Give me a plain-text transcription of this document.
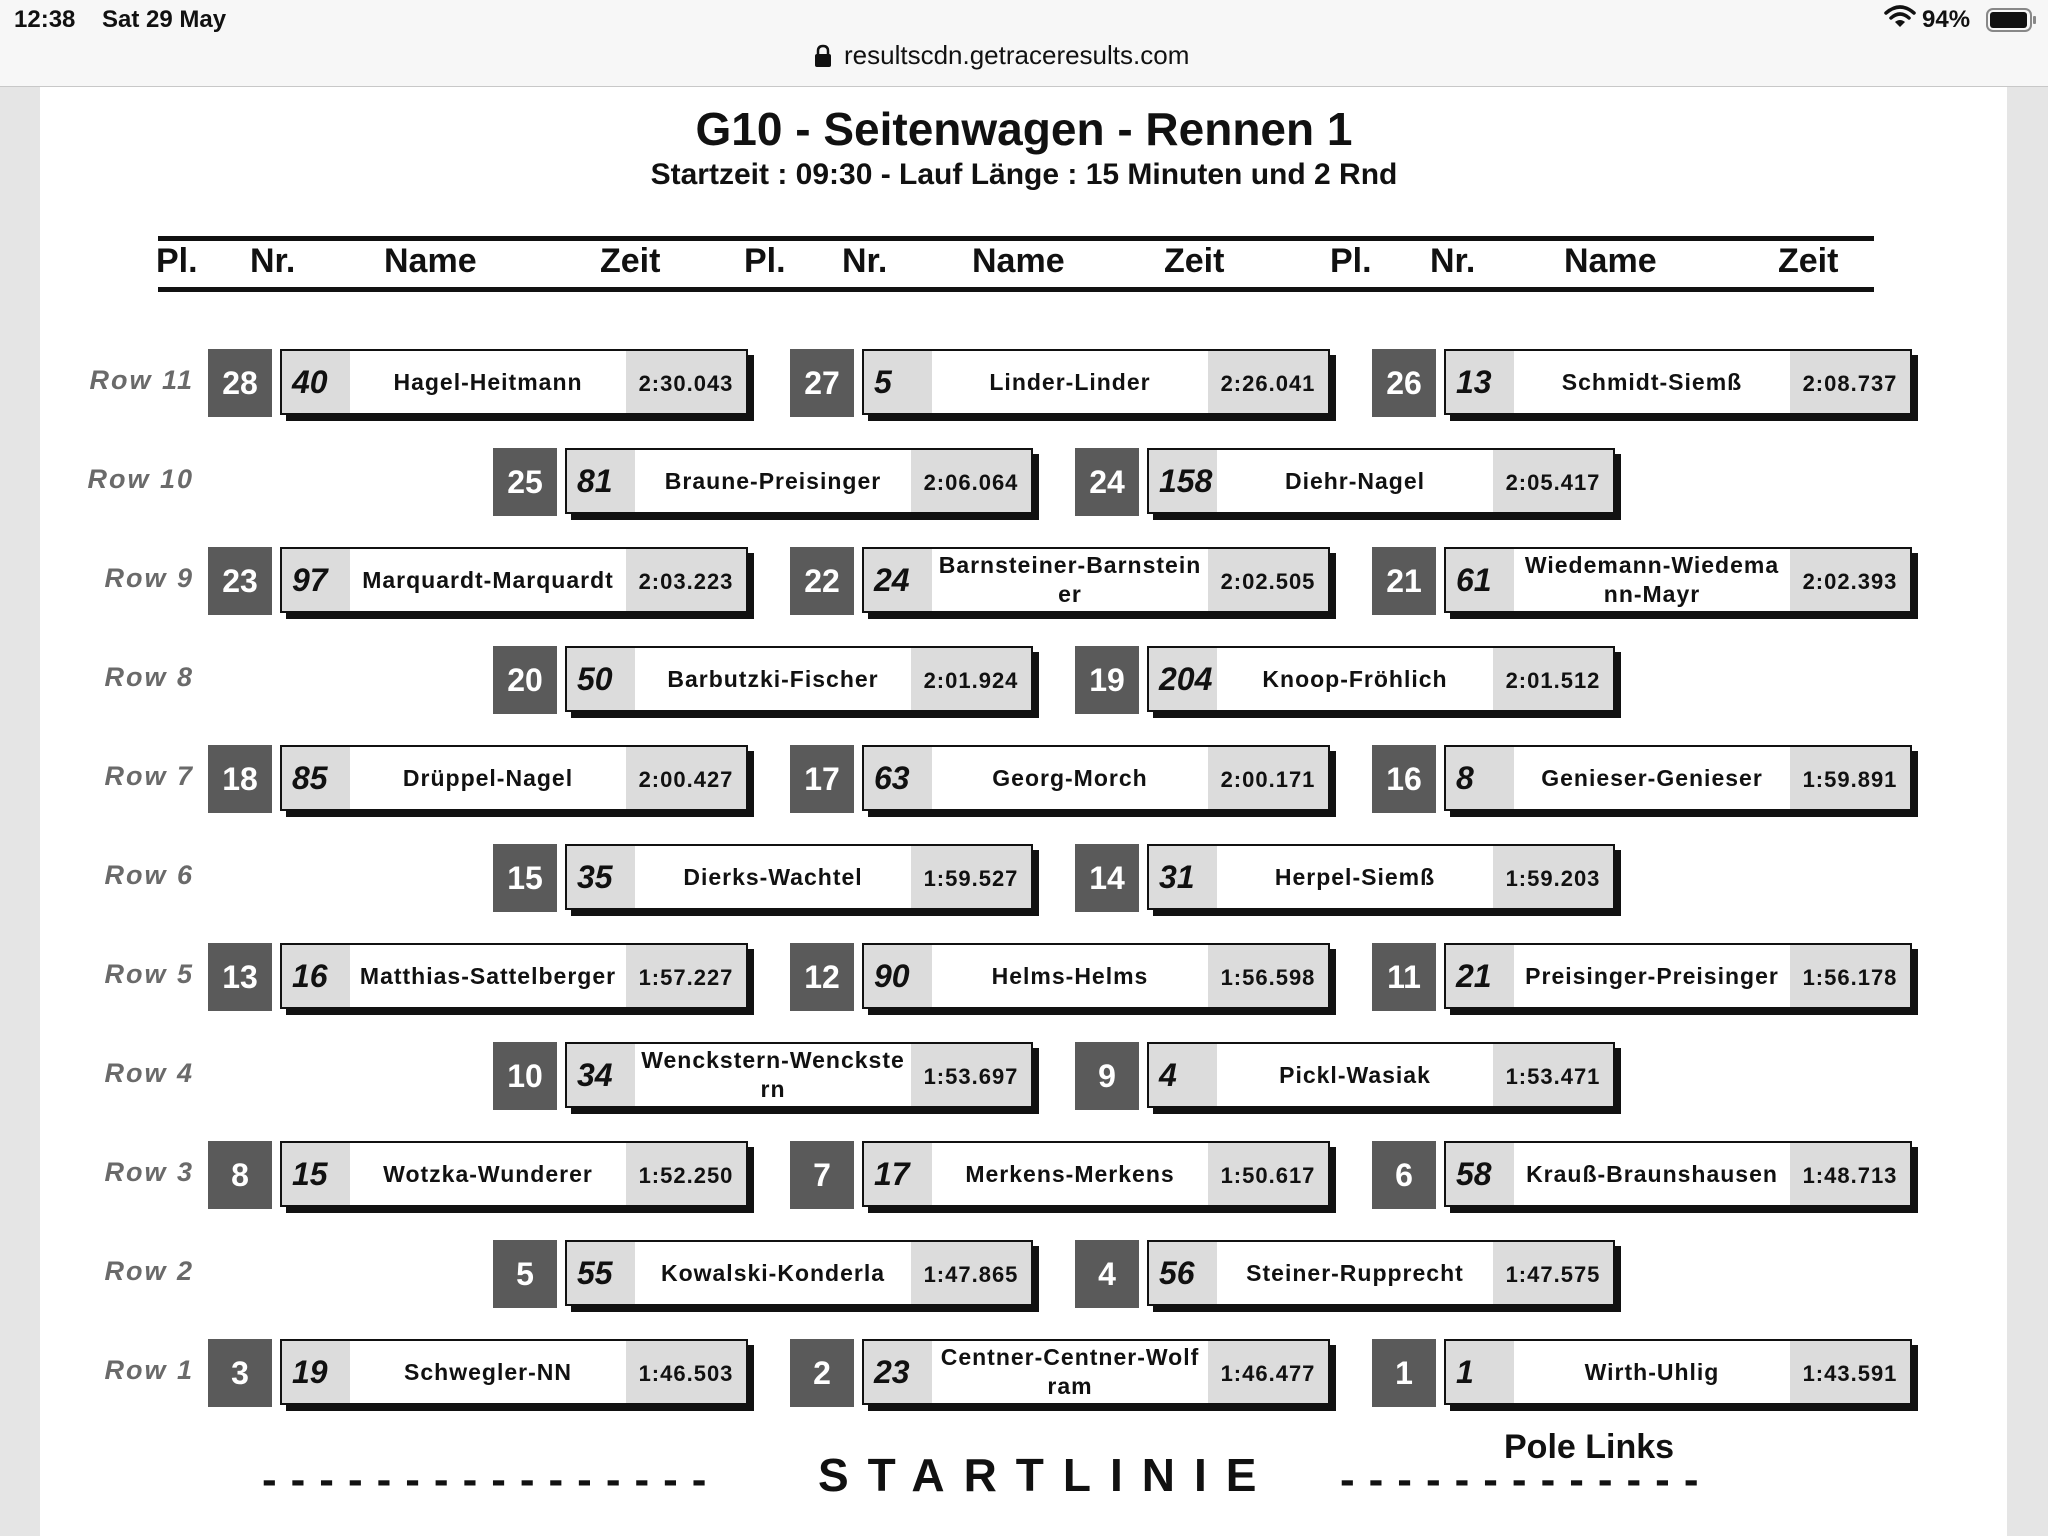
12:38 Sat 29 May	94%
resultscdn.getraceresults.com
G10 - Seitenwagen - Rennen 1
Startzeit : 09:30 - Lauf Länge : 15 Minuten und 2 Rnd
Pl. Nr.	Name	Zeit Pl. Nr. Name	Zeit	Pl. Nr.	Name	Zeit
Row 11 28	40	Hagel-Heitmann	2:30.043	27	5	Linder-Linder	2:26.041	26	13	Schmidt-Siemß	2:08.737
Row 10	25	81	Braune-Preisinger	2:06.064	24	158	Diehr-Nagel	2:05.417
Row 9 23	97	Marquardt-Marquardt	2:03.223	22	24	Barnsteiner-Barnsteiner	2:02.505	21	61	Wiedemann-Wiedemann-Mayr	2:02.393
Row 8	20	50	Barbutzki-Fischer	2:01.924	19	204	Knoop-Fröhlich	2:01.512
Row 7 18	85	Drüppel-Nagel	2:00.427	17	63	Georg-Morch	2:00.171	16	8	Genieser-Genieser	1:59.891
Row 6	15	35	Dierks-Wachtel	1:59.527	14	31	Herpel-Siemß	1:59.203
Row 5 13	16	Matthias-Sattelberger	1:57.227	12	90	Helms-Helms	1:56.598	11	21	Preisinger-Preisinger	1:56.178
Row 4	10	34	Wenckstern-Wenckstern	1:53.697	9	4	Pickl-Wasiak	1:53.471
Row 3	8	15	Wotzka-Wunderer	1:52.250	7	17	Merkens-Merkens	1:50.617	6	58	Krauß-Braunshausen	1:48.713
Row 2	5	55	Kowalski-Konderla	1:47.865	4	56	Steiner-Rupprecht	1:47.575
Row 1	3	19	Schwegler-NN	1:46.503	2	23	Centner-Centner-Wolfram	1:46.477	1	1	Wirth-Uhlig	1:43.591
---------------- STARTLINIE -------------
Pole Links
